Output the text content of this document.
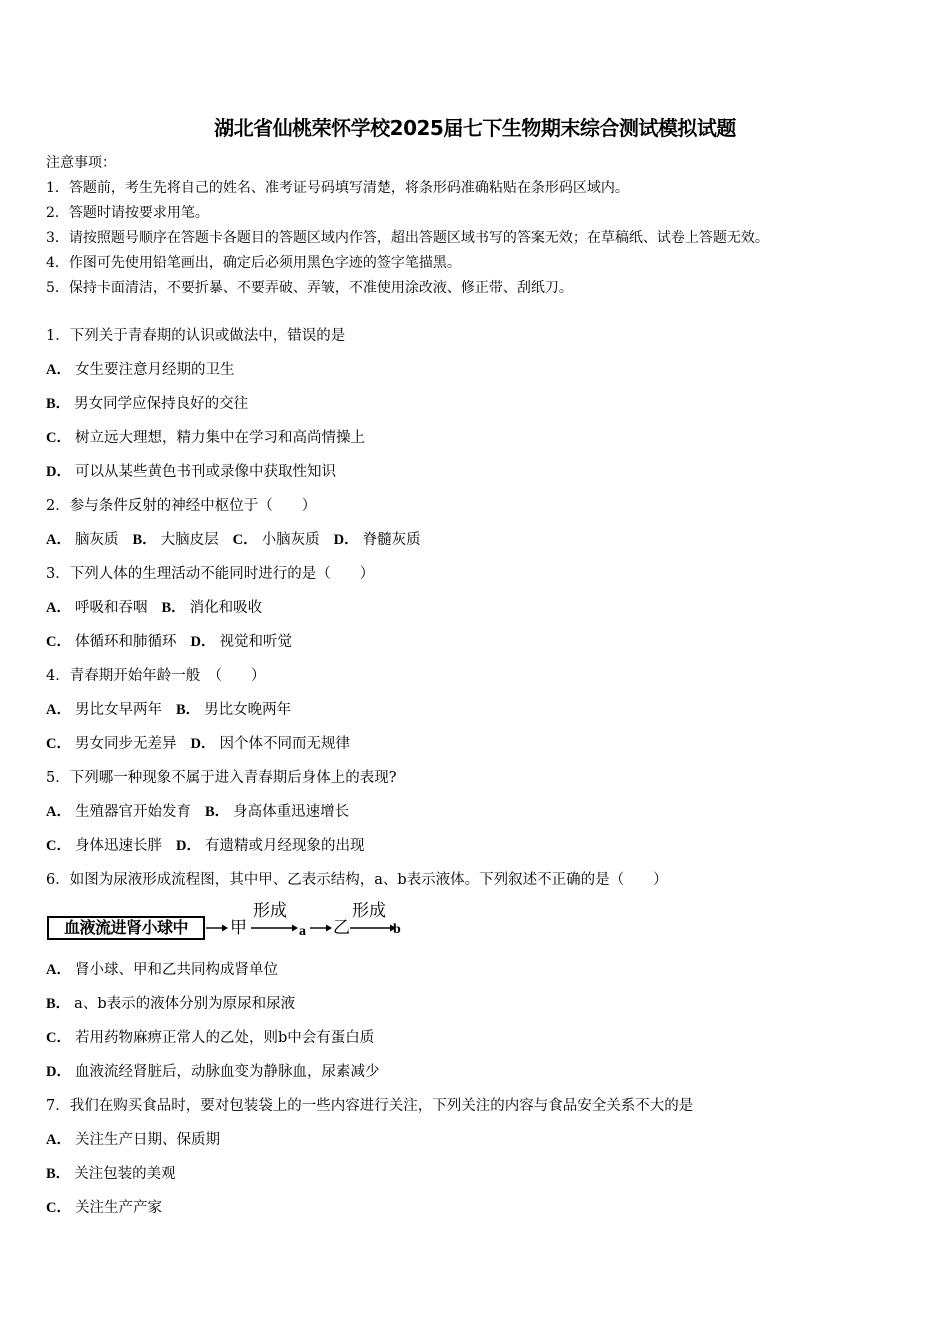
湖北省仙桃荣怀学校2025届七下生物期末综合测试模拟试题
注意事项：
1．答题前，考生先将自己的姓名、准考证号码填写清楚，将条形码准确粘贴在条形码区域内。
2．答题时请按要求用笔。
3．请按照题号顺序在答题卡各题目的答题区域内作答，超出答题区域书写的答案无效；在草稿纸、试卷上答题无效。
4．作图可先使用铅笔画出，确定后必须用黑色字迹的签字笔描黑。
5．保持卡面清洁，不要折暴、不要弄破、弄皱，不准使用涂改液、修正带、刮纸刀。
1．下列关于青春期的认识或做法中，错误的是
A． 女生要注意月经期的卫生
B． 男女同学应保持良好的交往
C． 树立远大理想，精力集中在学习和高尚情操上
D． 可以从某些黄色书刊或录像中获取性知识
2．参与条件反射的神经中枢位于（　　）
A． 脑灰质 B． 大脑皮层 C． 小脑灰质 D． 脊髓灰质
3．下列人体的生理活动不能同时进行的是（　　）
A． 呼吸和吞咽 B． 消化和吸收
C． 体循环和肺循环 D． 视觉和听觉
4．青春期开始年龄一般　（　　）
A． 男比女早两年 B． 男比女晚两年
C． 男女同步无差异 D． 因个体不同而无规律
5．下列哪一种现象不属于进入青春期后身体上的表现?
A． 生殖器官开始发育 B． 身高体重迅速增长
C． 身体迅速长胖 D． 有遗精或月经现象的出现
6．如图为尿液形成流程图，其中甲、乙表示结构，a、b表示液体。下列叙述不正确的是（　　）
血液流进肾小球中	甲
形成
a 乙
形成
b
A． 肾小球、甲和乙共同构成肾单位
B． a、b表示的液体分别为原尿和尿液
C． 若用药物麻痹正常人的乙处，则b中会有蛋白质
D． 血液流经肾脏后，动脉血变为静脉血，尿素减少
7．我们在购买食品时，要对包装袋上的一些内容进行关注，下列关注的内容与食品安全关系不大的是
A． 关注生产日期、保质期
B． 关注包装的美观
C． 关注生产产家
